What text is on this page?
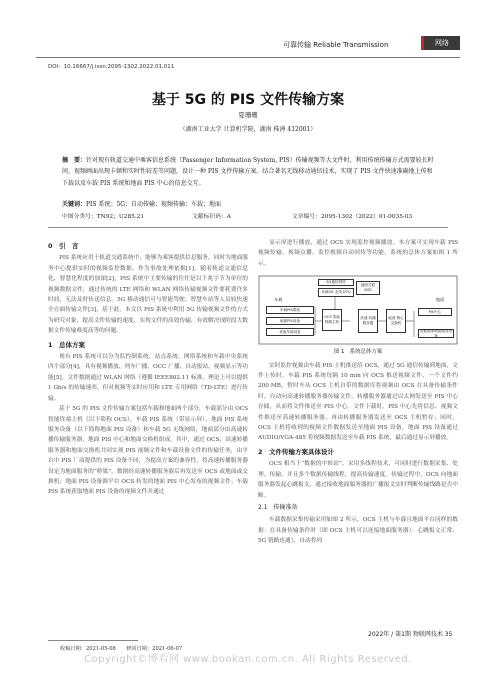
可靠传输 Reliable Transmission	网络
DOI：10.16667/j.issn.2095-1302.2022.01.011
基于 5G 的 PIS 文件传输方案
夏珊珊
（湖南工业大学 计算机学院，湖南 株洲 412001）
摘　要：针对现有轨道交通中乘客信息系统（Passenger Information System, PIS）传输视频等大文件时，利用传统传输方式需要较长时间，视频画面出现卡顿和实时性较差等问题，设计一种 PIS 文件传输方案。结合著名无线移动通信技术，实现了 PIS 文件快速准确地上传和下载以及车载 PIS 系统和地面 PIS 中心的信息交互。
关键词：PIS 系统；5G；自动传输；视频传输；车载；地面
中图分类号：TN92；U285.21	文献标识码：A	文章编号：2095-1302（2022）01-0035-03
0　引　言
PIS 系统应用于轨道交通系统中，能够为乘客提供信息服务，同时为地面服务中心提供实时的视频监控数据，作为事故处理依据[1]。随着轨道交通信息化、智慧化程度的加深[2]，PIS 系统中主要传输的往往是以千兆字节为单位的视频数据文件，通过传统的 LTE 网络和 WLAN 网络传输视频文件要耗费许多时间，无法及时传送信息。5G 移动通信可与智能驾驶、智慧车站等人员较快速全方面传输文件[3]，基于此，本文以 PIS 系统中利用 5G 传输视频文件的方式为研究对象，提高文件传输的速度，实现文件的高效传输，有效解决现阶段大数据文件传输难度高等的问题。
1　总体方案
现有 PIS 系统可以分为监控制系统、站点系统、网络系统和车载中央系统四个部分[4]，具有视频播放、列车广播、OCC 广播、自动报站、视频显示等功能[5]。文件数据通过 WLAN 网络（遵循 IEEE802.11 标准，理论上可以提供 1 Gb/s 的传输速率，但对视频等实时应用和 LTE 专用网络（TD-LTE）进行传输。
基于 5G 的 PIS 文件传输方案包括车载和地面两个部分，车载部分由 OCS 智能终端主机（以下简称 OCS），车载 PIS 系统（带显示屏）、地面 PIS 系统服务设备（以下简称地面 PIS 设备）和车载 5G 无线网络，地面部分由高速转播传输服务器，地面 PIS 中心和地面交换机组成。其中，通过 OCS，高速转播服务器和地面交换机共同实现 PIS 视频文件和车载设备文件的传输任务，由平台中 PIS 厂商提供的 PIS 设备不同，为提高方案的兼容性，将高速转播服务器设定为地面服务的“桥梁”，数据经高速转播服务器后再发送至 OCS 或地面或交换机；地面 PIS 设备调平台 OCS 转发的地面 PIS 中心发布的视频文件；车载 PIS 系统获取地面 PIS 设备的视频文件并通过
显示屏进行播放，通过 OCS 实现监控视频播放。本方案可实现车载 PIS 视频传输、视频点播、监控视频自动回传等功能，系统的总体方案如图 1 所示。
车载	地面
车载PIS系统
地面PIS设备
其他车载设备
5G通信网络
车载5G 无线 DTU
OCS 智能 终端主机
地面关联 DSS
高速 转播 服务器
地面 核心 交换机
PIS中心
其他需要地面服务设备
图 1　系统总体方案
实时监控视频由车载 PIS 主机推送给 OCS，通过 5G 通信传输到地面，文件上传时，车载 PIS 系统每隔 10 min 向 OCS 推送视频文件，一个文件约 200 MB，暂时车从 OCS 主机自带的数据库将视频由 OCS 在具备传输条件时，自动向高速转播服务器传输文件，转播服务器通过以太网发送至 PIS 中心存储，从而将文件推送至 PIS 中心。文件下载时，PIS 中心先将信息、视频文件推送至高速转播服务器，再由转播服务器发送至 OCS 主机暂存；同时，OCS 主机将收到的视频文件数据发送至地面 PIS 设备，地面 PIS 设备通过 AUDIO/VGA-485 将视频数据发送至车载 PIS 系统，最后通过显示屏播放。
2　文件传输方案具体设计
OCS 相当于“数据的中转站”，采用多线程技术，可同时进行数据采集、处理、传输，并且多个数据传输线程，提高传输速度。传输过程中，OCS 向地面服务器发起心跳报文，通过接收地面服务器的广播报文实时判断传输线路是否中断。
2.1　传输准备
车载数据采集传输采用如图 2 所示，OCS 主机与车载且地面平台同样的数据：在具备传输条件时（即 OCS 主机可以连接地面服务器）：心跳报文正常、5G 链路连通），自动将列
收稿日期：2021-05-08　　修回日期：2021-06-07
2022年 / 第1期 物联网技术 35
Copyright©博看网 www.bookan.com.cn. All Rights Reserved.
